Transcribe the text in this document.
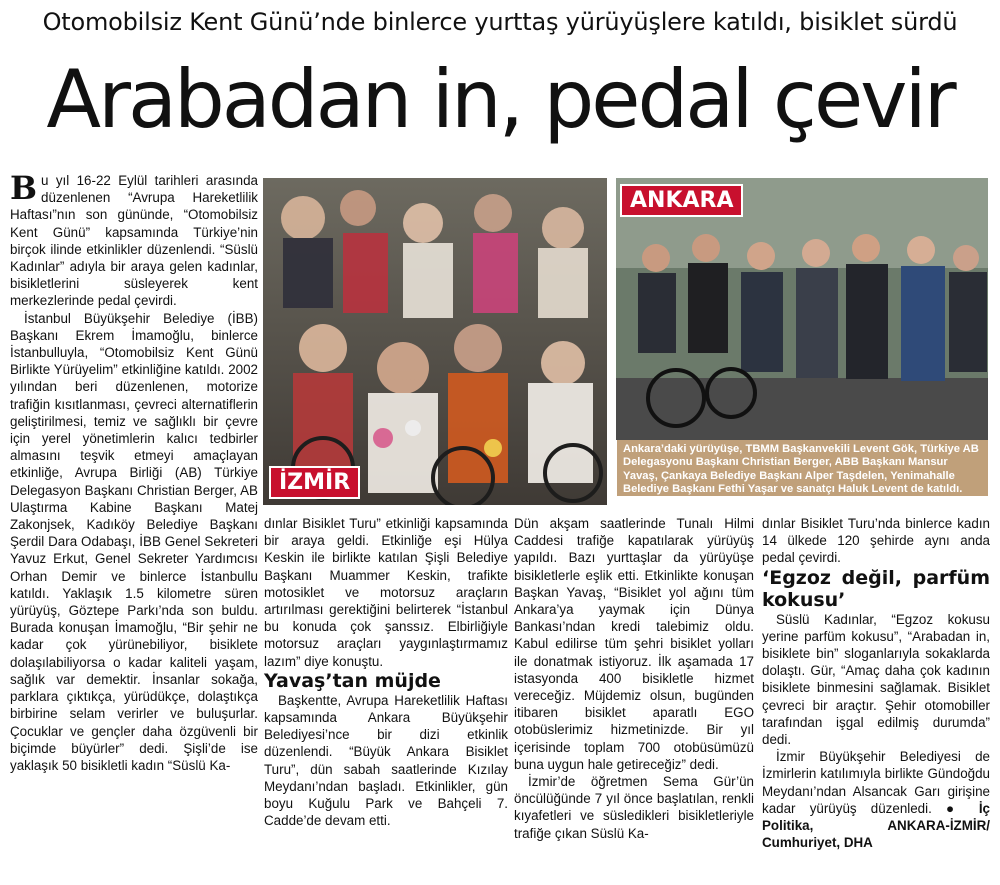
Otomobilsiz Kent Günü’nde binlerce yurttaş yürüyüşlere katıldı, bisiklet sürdü
Arabadan in, pedal çevir

Bu yıl 16-22 Eylül tarihleri arasında düzenlenen “Avrupa Hareketlilik Haftası”nın son gününde, “Otomobilsiz Kent Günü” kapsamında Türkiye’nin birçok ilinde etkinlikler düzenlendi. “Süslü Kadınlar” adıyla bir araya gelen kadınlar, bisikletlerini süsleyerek kent merkezlerinde pedal çevirdi.

İstanbul Büyükşehir Belediye (İBB) Başkanı Ekrem İmamoğlu, binlerce İstanbulluyla, “Otomobilsiz Kent Günü Birlikte Yürüyelim” etkinliğine katıldı. 2002 yılından beri düzenlenen, motorize trafiğin kısıtlanması, çevreci alternatiflerin geliştirilmesi, temiz ve sağlıklı bir çevre için yerel yönetimlerin kalıcı tedbirler almasını teşvik etmeyi amaçlayan etkinliğe, Avrupa Birliği (AB) Türkiye Delegasyon Başkanı Christian Berger, AB Ulaştırma Kabine Başkanı Matej Zakonjsek, Kadıköy Belediye Başkanı Şerdil Dara Odabaşı, İBB Genel Sekreteri Yavuz Erkut, Genel Sekreter Yardımcısı Orhan Demir ve binlerce İstanbullu katıldı. Yaklaşık 1.5 kilometre süren yürüyüş, Göztepe Parkı’nda son buldu. Burada konuşan İmamoğlu, “Bir şehir ne kadar çok yürünebiliyor, bisiklete dolaşılabiliyorsa o kadar kaliteli yaşam, sağlık var demektir. İnsanlar sokağa, parklara çıktıkça, yürüdükçe, dolaştıkça birbirine selam verirler ve buluşurlar. Çocuklar ve gençler daha özgüvenli bir biçimde büyürler” dedi. Şişli’de ise yaklaşık 50 bisikletli kadın “Süslü Ka-

İZMİR
ANKARA
Ankara’daki yürüyüşe, TBMM Başkanvekili Levent Gök, Türkiye AB Delegasyonu Başkanı Christian Berger, ABB Başkanı Mansur Yavaş, Çankaya Belediye Başkanı Alper Taşdelen, Yenimahalle Belediye Başkanı Fethi Yaşar ve sanatçı Haluk Levent de katıldı.

dınlar Bisiklet Turu” etkinliği kapsamında bir araya geldi. Etkinliğe eşi Hülya Keskin ile birlikte katılan Şişli Belediye Başkanı Muammer Keskin, trafikte motosiklet ve motorsuz araçların artırılması gerektiğini belirterek “İstanbul bu konuda çok şanssız. Elbirliğiyle motorsuz araçları yaygınlaştırmamız lazım” diye konuştu.

Yavaş’tan müjde

Başkentte, Avrupa Hareketlilik Haftası kapsamında Ankara Büyükşehir Belediyesi’nce bir dizi etkinlik düzenlendi. “Büyük Ankara Bisiklet Turu”, dün sabah saatlerinde Kızılay Meydanı’ndan başladı. Etkinlikler, gün boyu Kuğulu Park ve Bahçeli 7. Cadde’de devam etti.

Dün akşam saatlerinde Tunalı Hilmi Caddesi trafiğe kapatılarak yürüyüş yapıldı. Bazı yurttaşlar da yürüyüşe bisikletlerle eşlik etti. Etkinlikte konuşan Başkan Yavaş, “Bisiklet yol ağını tüm Ankara’ya yaymak için Dünya Bankası’ndan kredi talebimiz oldu. Kabul edilirse tüm şehri bisiklet yolları ile donatmak istiyoruz. İlk aşamada 17 istasyonda 400 bisikletle hizmet vereceğiz. Müjdemiz olsun, bugünden itibaren bisiklet aparatlı EGO otobüslerimiz hizmetinizde. Bir yıl içerisinde toplam 700 otobüsümüzü buna uygun hale getireceğiz” dedi.

İzmir’de öğretmen Sema Gür’ün öncülüğünde 7 yıl önce başlatılan, renkli kıyafetleri ve süsledikleri bisikletleriyle trafiğe çıkan Süslü Ka-

dınlar Bisiklet Turu’nda binlerce kadın 14 ülkede 120 şehirde aynı anda pedal çevirdi.

‘Egzoz değil, parfüm kokusu’

Süslü Kadınlar, “Egzoz kokusu yerine parfüm kokusu”, “Arabadan in, bisiklete bin” sloganlarıyla sokaklarda dolaştı. Gür, “Amaç daha çok kadının bisiklete binmesini sağlamak. Bisiklet çevreci bir araçtır. Şehir otomobiller tarafından işgal edilmiş durumda” dedi.

İzmir Büyükşehir Belediyesi de İzmirlerin katılımıyla birlikte Gündoğdu Meydanı’ndan Alsancak Garı girişine kadar yürüyüş düzenledi. ● İç Politika, ANKARA-İZMİR/ Cumhuriyet, DHA
